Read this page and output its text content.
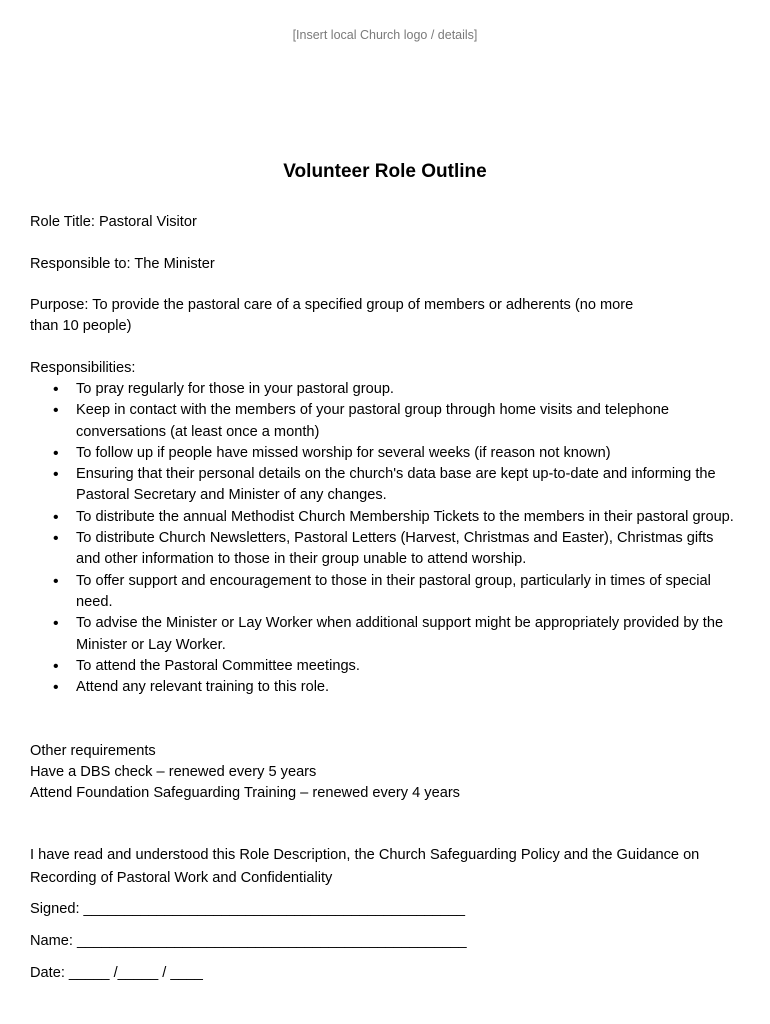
[Insert local Church logo / details]
Volunteer Role Outline
Role Title: Pastoral Visitor
Responsible to: The Minister
Purpose: To provide the pastoral care of a specified group of members or adherents (no more
than 10 people)
Responsibilities:
• To pray regularly for those in your pastoral group.
• Keep in contact with the members of your pastoral group through home visits and telephone conversations (at least once a month)
• To follow up if people have missed worship for several weeks (if reason not known)
• Ensuring that their personal details on the church's data base are kept up-to-date and informing the Pastoral Secretary and Minister of any changes.
• To distribute the annual Methodist Church Membership Tickets to the members in their pastoral group.
• To distribute Church Newsletters, Pastoral Letters (Harvest, Christmas and Easter), Christmas gifts and other information to those in their group unable to attend worship.
• To offer support and encouragement to those in their pastoral group, particularly in times of special need.
• To advise the Minister or Lay Worker when additional support might be appropriately provided by the Minister or Lay Worker.
• To attend the Pastoral Committee meetings.
• Attend any relevant training to this role.
Other requirements
Have a DBS check – renewed every 5 years
Attend Foundation Safeguarding Training – renewed every 4 years
I have read and understood this Role Description, the Church Safeguarding Policy and the Guidance on Recording of Pastoral Work and Confidentiality
Signed: _______________________________________________
Name: ________________________________________________
Date: _____ /_____ / ____
